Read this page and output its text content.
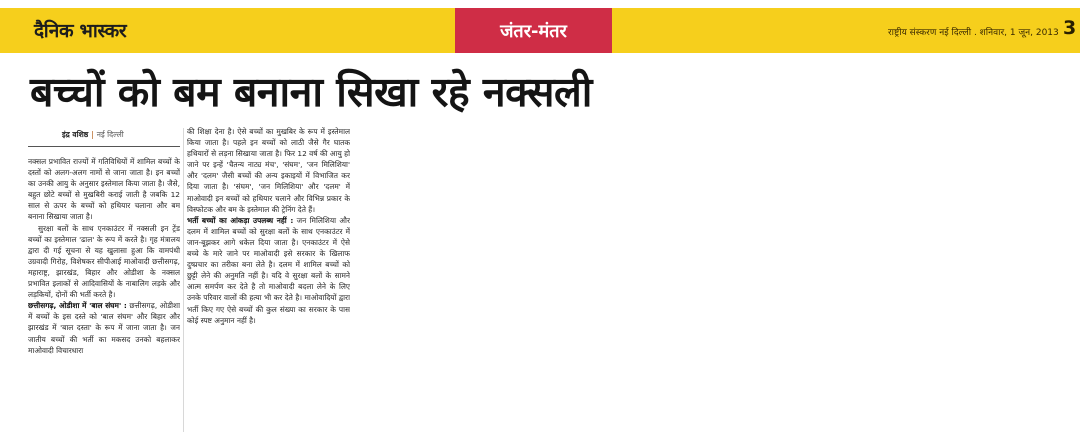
दैनिक भास्कर	जंतर-मंतर	राष्ट्रीय संस्करण नई दिल्ली . शनिवार, 1 जून, 2013 3
बच्चों को बम बनाना सिखा रहे नक्सली
इंद्र वशिष्ठ | नई दिल्ली

नक्सल प्रभावित राज्यों में गतिविधियों में शामिल बच्चों के दस्तों को अलग-अलग नामों से जाना जाता है। इन बच्चों का उनकी आयु के अनुसार इस्तेमाल किया जाता है। जैसे, बहुत छोटे बच्चों से मुखबिरी कराई जाती है जबकि 12 साल से ऊपर के बच्चों को हथियार चलाना और बम बनाना सिखाया जाता है।

सुरक्षा बलों के साथ एनकाउंटर में नक्सली इन ट्रेंड बच्चों का इस्तेमाल 'ढाल' के रूप में करते है। गृह मंत्रालय द्वारा दी गई सूचना से यह खुलासा हुआ कि वामपंथी उग्रवादी गिरोह, विशेषकर सीपीआई माओवादी छत्तीसगढ़, महाराष्ट्र, झारखंड, बिहार और ओडीशा के नक्सल प्रभावित इलाकों से आदिवासियों के नाबालिग लड़के और लड़कियों, दोनों की भर्ती करते है।

छत्तीसगढ़, ओडीशा में 'बाल संघम' : छत्तीसगढ़, ओडीशा में बच्चों के इस दस्ते को 'बाल संघम' और बिहार और झारखंड में 'बाल दस्ता' के रूप में जाना जाता है। जन जातीय बच्चों की भर्ती का मकसद उनको बहलाकर माओवादी विचारधारा

की शिक्षा देना है। ऐसे बच्चों का मुखबिर के रूप में इस्तेमाल किया जाता है। पहले इन बच्चों को लाठी जैसे गैर घातक हथियारों से लड़ना सिखाया जाता है। फिर 12 वर्ष की आयु हो जाने पर इन्हें 'चैतन्य नाट्य मंच', 'संघम', 'जन मिलिशिया' और 'दलम' जैसी बच्चों की अन्य इकाइयों में विभाजित कर दिया जाता है। 'संघम', 'जन मिलिशिया' और 'दलम' में माओवादी इन बच्चों को हथियार चलाने और विभिन्न प्रकार के विस्फोटक और बम के इस्तेमाल की ट्रेनिंग देते हैं।

भर्ती बच्चों का आंकड़ा उपलब्ध नहीं : जन मिलिशिया और दलम में शामिल बच्चों को सुरक्षा बलों के साथ एनकाउंटर में जान-बूझकर आगे धकेल दिया जाता है। एनकाउंटर में ऐसे बच्चे के मारे जाने पर माओवादी इसे सरकार के खिलाफ दुष्प्रचार का तरीका बना लेते है। दलम में शामिल बच्चों को छुट्टी लेने की अनुमति नहीं है। यदि वे सुरक्षा बलों के सामने आत्म समर्पण कर देते है तो माओवादी बदला लेने के लिए उनके परिवार वालों की हत्या भी कर देते है। माओवादियों द्वारा भर्ती किए गए ऐसे बच्चों की कुल संख्या का सरकार के पास कोई स्पष्ट अनुमान नहीं है।
